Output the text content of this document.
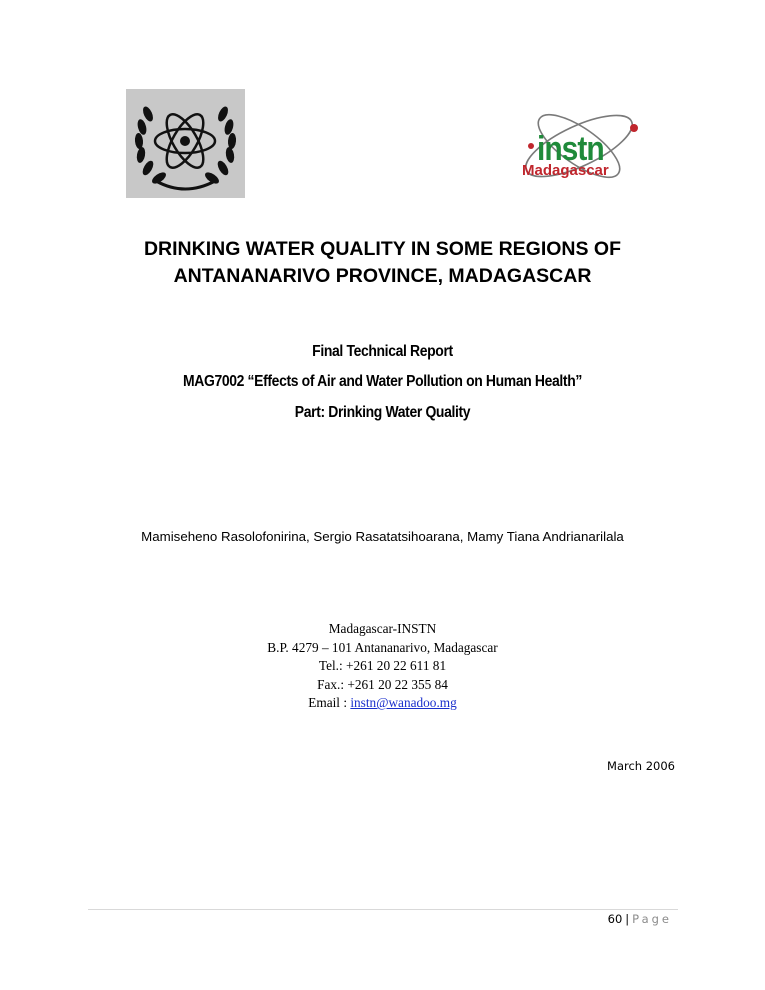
instn
Madagascar
DRINKING WATER QUALITY IN SOME REGIONS OF
ANTANANARIVO PROVINCE, MADAGASCAR
Final Technical Report
MAG7002 “Effects of Air and Water Pollution on Human Health”
Part: Drinking Water Quality
Mamiseheno Rasolofonirina, Sergio Rasatatsihoarana, Mamy Tiana Andrianarilala
Madagascar-INSTN
B.P. 4279 – 101 Antananarivo, Madagascar
Tel.: +261 20 22 611 81
Fax.: +261 20 22 355 84
Email : instn@wanadoo.mg
March 2006
60 | Page
